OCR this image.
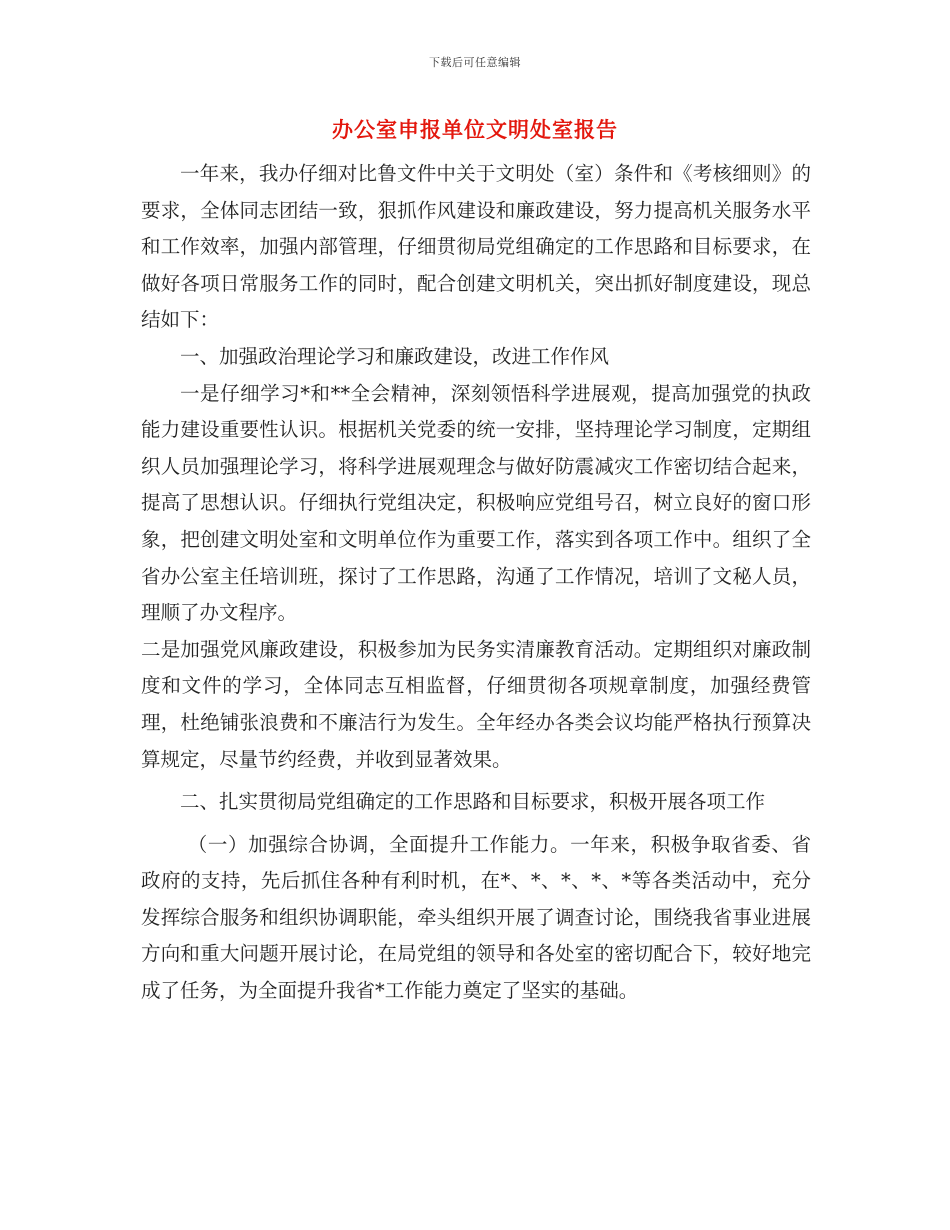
下载后可任意编辑
办公室申报单位文明处室报告

一年来，我办仔细对比鲁文件中关于文明处（室）条件和《考核细则》的要求，全体同志团结一致，狠抓作风建设和廉政建设，努力提高机关服务水平和工作效率，加强内部管理，仔细贯彻局党组确定的工作思路和目标要求，在做好各项日常服务工作的同时，配合创建文明机关，突出抓好制度建设，现总结如下：

一、加强政治理论学习和廉政建设，改进工作作风

一是仔细学习*和**全会精神，深刻领悟科学进展观，提高加强党的执政能力建设重要性认识。根据机关党委的统一安排，坚持理论学习制度，定期组织人员加强理论学习，将科学进展观理念与做好防震减灾工作密切结合起来，提高了思想认识。仔细执行党组决定，积极响应党组号召，树立良好的窗口形象，把创建文明处室和文明单位作为重要工作，落实到各项工作中。组织了全省办公室主任培训班，探讨了工作思路，沟通了工作情况，培训了文秘人员，理顺了办文程序。

二是加强党风廉政建设，积极参加为民务实清廉教育活动。定期组织对廉政制度和文件的学习，全体同志互相监督，仔细贯彻各项规章制度，加强经费管理，杜绝铺张浪费和不廉洁行为发生。全年经办各类会议均能严格执行预算决算规定，尽量节约经费，并收到显著效果。

二、扎实贯彻局党组确定的工作思路和目标要求，积极开展各项工作

（一）加强综合协调，全面提升工作能力。一年来，积极争取省委、省政府的支持，先后抓住各种有利时机，在*、*、*、*、*等各类活动中，充分发挥综合服务和组织协调职能，牵头组织开展了调查讨论，围绕我省事业进展方向和重大问题开展讨论，在局党组的领导和各处室的密切配合下，较好地完成了任务，为全面提升我省*工作能力奠定了坚实的基础。
